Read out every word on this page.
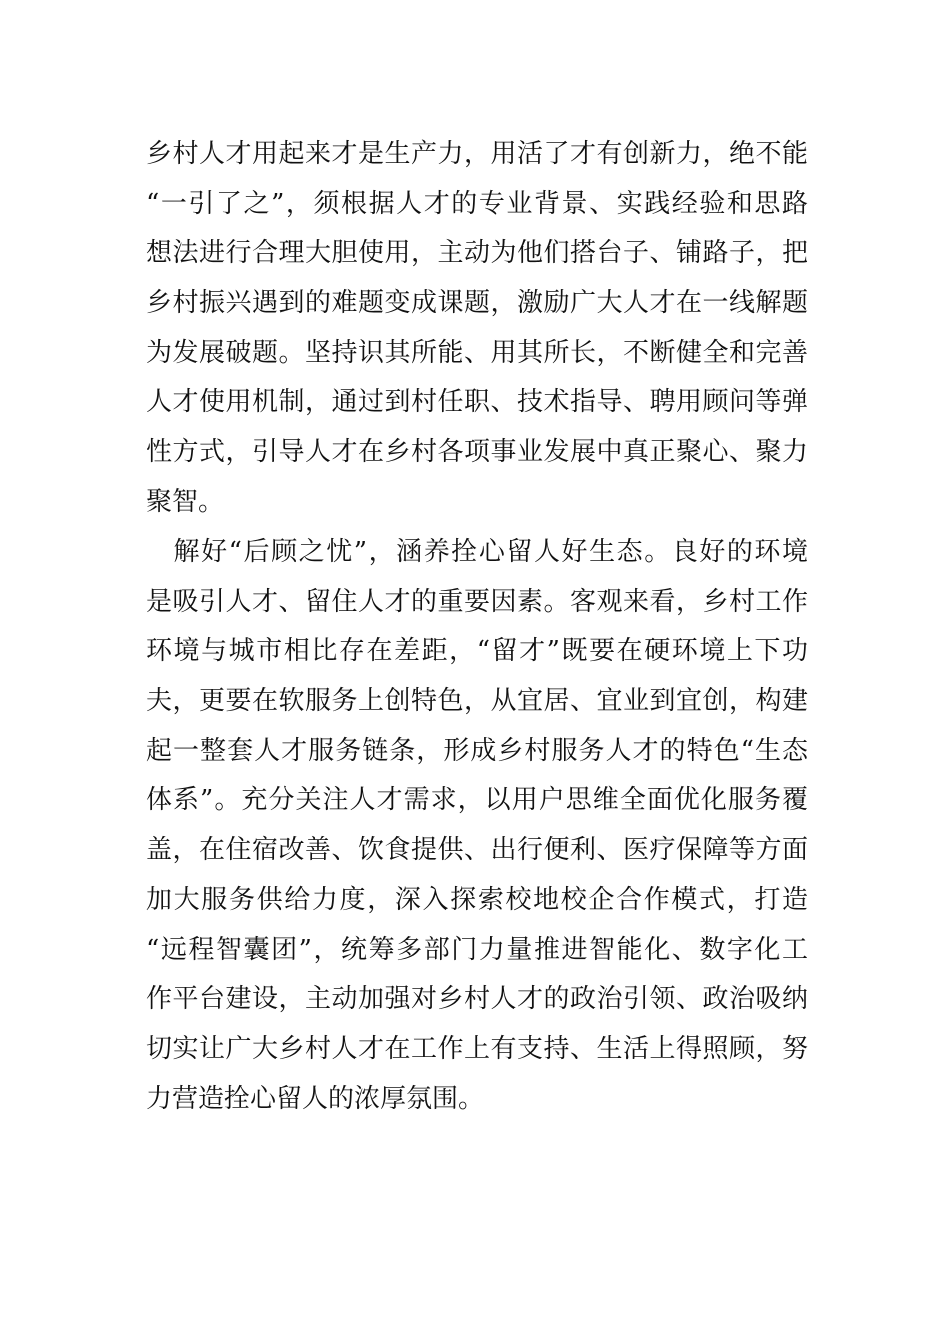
乡村人才用起来才是生产力，用活了才有创新力，绝不能
“一引了之”，须根据人才的专业背景、实践经验和思路
想法进行合理大胆使用，主动为他们搭台子、铺路子，把
乡村振兴遇到的难题变成课题，激励广大人才在一线解题
为发展破题。坚持识其所能、用其所长，不断健全和完善
人才使用机制，通过到村任职、技术指导、聘用顾问等弹
性方式，引导人才在乡村各项事业发展中真正聚心、聚力
聚智。
　解好“后顾之忧”，涵养拴心留人好生态。良好的环境
是吸引人才、留住人才的重要因素。客观来看，乡村工作
环境与城市相比存在差距，“留才”既要在硬环境上下功
夫，更要在软服务上创特色，从宜居、宜业到宜创，构建
起一整套人才服务链条，形成乡村服务人才的特色“生态
体系”。充分关注人才需求，以用户思维全面优化服务覆
盖，在住宿改善、饮食提供、出行便利、医疗保障等方面
加大服务供给力度，深入探索校地校企合作模式，打造
“远程智囊团”，统筹多部门力量推进智能化、数字化工
作平台建设，主动加强对乡村人才的政治引领、政治吸纳
切实让广大乡村人才在工作上有支持、生活上得照顾，努
力营造拴心留人的浓厚氛围。
